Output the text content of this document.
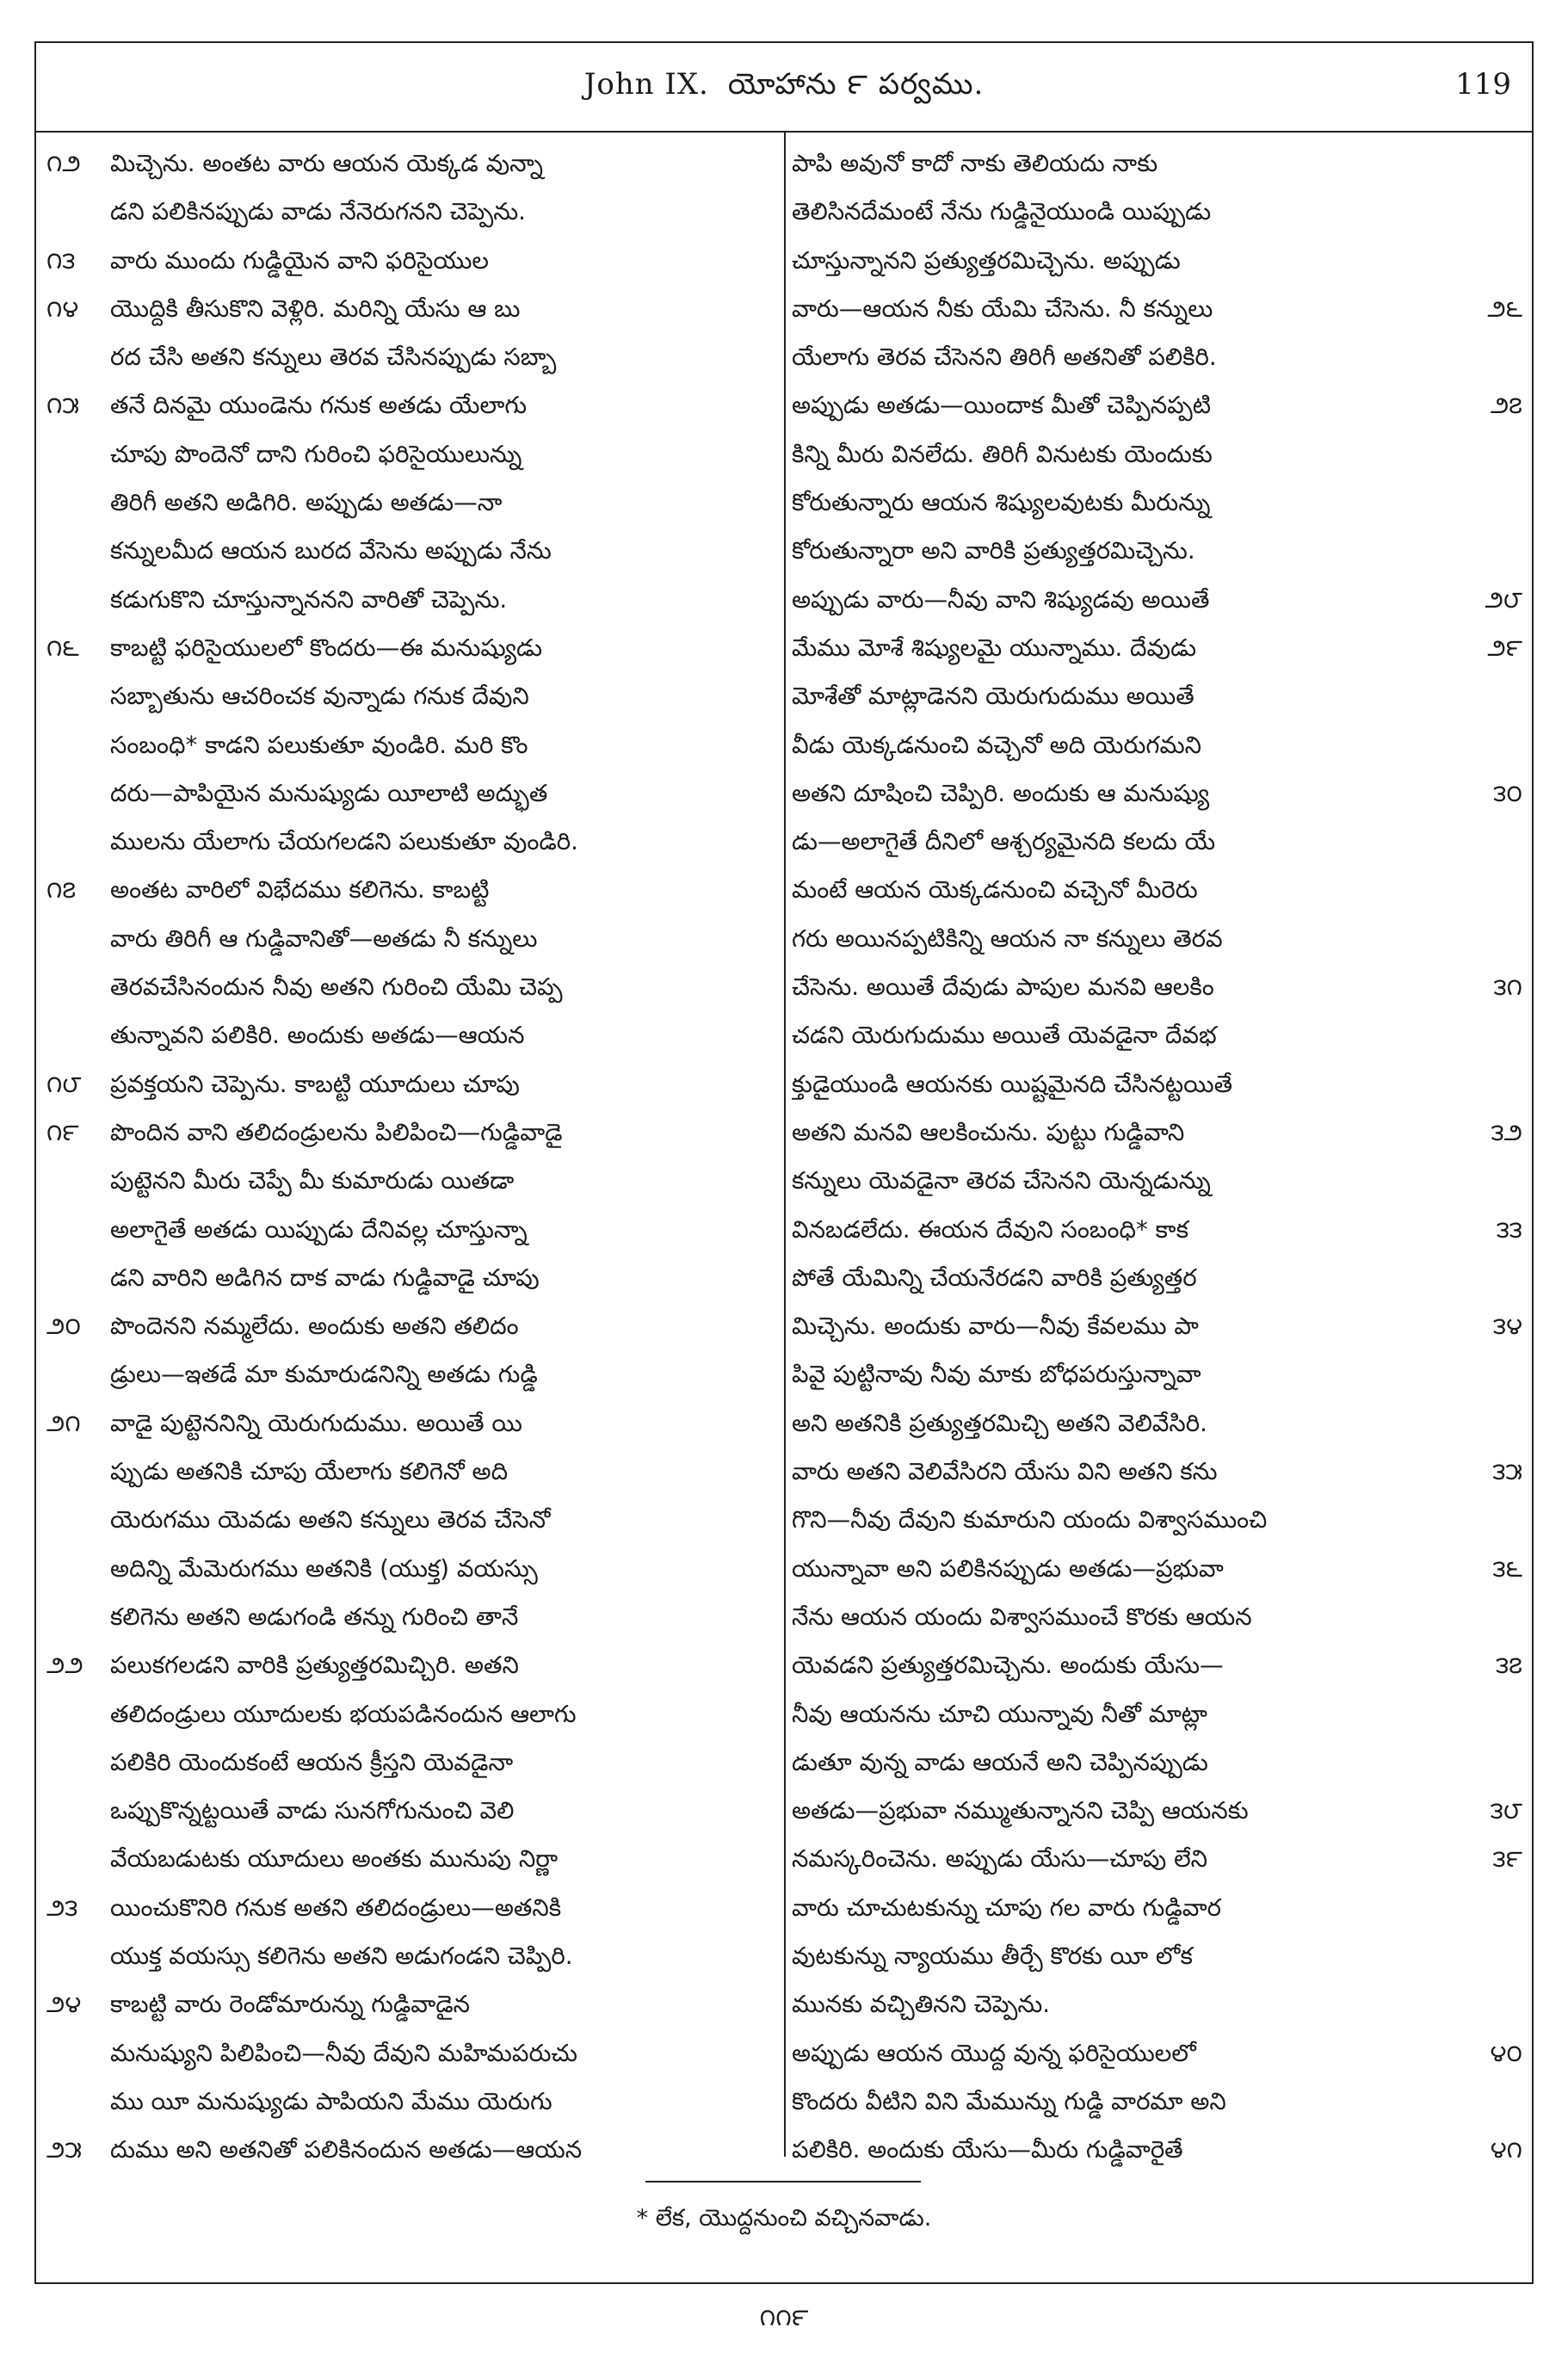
John IX. యోహాను ౯ పర్వము.	119
౧౨	మిచ్చెను. అంతట వారు ఆయన యెక్కడ వున్నా
డని పలికినప్పుడు వాడు నేనెరుగనని చెప్పెను.
౧౩	వారు ముందు గుడ్డియైన వాని ఫరిసైయుల
౧౪	యొద్దికి తీసుకొని వెళ్లిరి. మరిన్ని యేసు ఆ బు
రద చేసి అతని కన్నులు తెరవ చేసినప్పుడు సబ్బా
౧౫	తనే దినమై యుండెను గనుక అతడు యేలాగు
చూపు పొందెనో దాని గురించి ఫరిసైయులున్ను
తిరిగీ అతని అడిగిరి. అప్పుడు అతడు—నా
కన్నులమీద ఆయన బురద వేసెను అప్పుడు నేను
కడుగుకొని చూస్తున్నాననని వారితో చెప్పెను.
౧౬	కాబట్టి ఫరిసైయులలో కొందరు—ఈ మనుష్యుడు
సబ్బాతును ఆచరించక వున్నాడు గనుక దేవుని
సంబంధి* కాడని పలుకుతూ వుండిరి. మరి కొం
దరు—పాపియైన మనుష్యుడు యీలాటి అద్భుత
ములను యేలాగు చేయగలడని పలుకుతూ వుండిరి.
౧౭	అంతట వారిలో విభేదము కలిగెను. కాబట్టి
వారు తిరిగీ ఆ గుడ్డివానితో—అతడు నీ కన్నులు
తెరవచేసినందున నీవు అతని గురించి యేమి చెప్ప
తున్నావని పలికిరి. అందుకు అతడు—ఆయన
౧౮	ప్రవక్తయని చెప్పెను. కాబట్టి యూదులు చూపు
౧౯	పొందిన వాని తలిదండ్రులను పిలిపించి—గుడ్డివాడై
పుట్టెనని మీరు చెప్పే మీ కుమారుడు యితడా
అలాగైతే అతడు యిప్పుడు దేనివల్ల చూస్తున్నా
డని వారిని అడిగిన దాక వాడు గుడ్డివాడై చూపు
౨౦	పొందెనని నమ్మలేదు. అందుకు అతని తలిదం
డ్రులు—ఇతడే మా కుమారుడనిన్ని అతడు గుడ్డి
౨౧	వాడై పుట్టెననిన్ని యెరుగుదుము. అయితే యి
ప్పుడు అతనికి చూపు యేలాగు కలిగెనో అది
యెరుగము యెవడు అతని కన్నులు తెరవ చేసెనో
అదిన్ని మేమెరుగము అతనికి (యుక్త) వయస్సు
కలిగెను అతని అడుగండి తన్ను గురించి తానే
౨౨	పలుకగలడని వారికి ప్రత్యుత్తరమిచ్చిరి. అతని
తలిదండ్రులు యూదులకు భయపడినందున ఆలాగు
పలికిరి యెందుకంటే ఆయన క్రీస్తని యెవడైనా
ఒప్పుకొన్నట్టయితే వాడు సునగోగునుంచి వెలి
వేయబడుటకు యూదులు అంతకు మునుపు నిర్ణా
౨౩	యించుకొనిరి గనుక అతని తలిదండ్రులు—అతనికి
యుక్త వయస్సు కలిగెను అతని అడుగండని చెప్పిరి.
౨౪	కాబట్టి వారు రెండోమారున్ను గుడ్డివాడైన
మనుష్యుని పిలిపించి—నీవు దేవుని మహిమపరుచు
ము యీ మనుష్యుడు పాపియని మేము యెరుగు
౨౫	దుము అని అతనితో పలికినందున అతడు—ఆయన
పాపి అవునో కాదో నాకు తెలియదు నాకు
తెలిసినదేమంటే నేను గుడ్డినైయుండి యిప్పుడు
చూస్తున్నానని ప్రత్యుత్తరమిచ్చెను. అప్పుడు
వారు—ఆయన నీకు యేమి చేసెను. నీ కన్నులు	౨౬
యేలాగు తెరవ చేసెనని తిరిగీ అతనితో పలికిరి.
అప్పుడు అతడు—యిందాక మీతో చెప్పినప్పటి	౨౭
కిన్ని మీరు వినలేదు. తిరిగీ వినుటకు యెందుకు
కోరుతున్నారు ఆయన శిష్యులవుటకు మీరున్ను
కోరుతున్నారా అని వారికి ప్రత్యుత్తరమిచ్చెను.
అప్పుడు వారు—నీవు వాని శిష్యుడవు అయితే	౨౮
మేము మోశే శిష్యులమై యున్నాము. దేవుడు	౨౯
మోశేతో మాట్లాడెనని యెరుగుదుము అయితే
వీడు యెక్కడనుంచి వచ్చెనో అది యెరుగమని
అతని దూషించి చెప్పిరి. అందుకు ఆ మనుష్యు	౩౦
డు—అలాగైతే దీనిలో ఆశ్చర్యమైనది కలదు యే
మంటే ఆయన యెక్కడనుంచి వచ్చెనో మీరెరు
గరు అయినప్పటికిన్ని ఆయన నా కన్నులు తెరవ
చేసెను. అయితే దేవుడు పాపుల మనవి ఆలకిం	౩౧
చడని యెరుగుదుము అయితే యెవడైనా దేవభ
క్తుడైయుండి ఆయనకు యిష్టమైనది చేసినట్టయితే
అతని మనవి ఆలకించును. పుట్టు గుడ్డివాని	౩౨
కన్నులు యెవడైనా తెరవ చేసెనని యెన్నడున్ను
వినబడలేదు. ఈయన దేవుని సంబంధి* కాక	౩౩
పోతే యేమిన్ని చేయనేరడని వారికి ప్రత్యుత్తర
మిచ్చెను. అందుకు వారు—నీవు కేవలము పా	౩౪
పివై పుట్టినావు నీవు మాకు బోధపరుస్తున్నావా
అని అతనికి ప్రత్యుత్తరమిచ్చి అతని వెలివేసిరి.
వారు అతని వెలివేసిరని యేసు విని అతని కను	౩౫
గొని—నీవు దేవుని కుమారుని యందు విశ్వాసముంచి
యున్నావా అని పలికినప్పుడు అతడు—ప్రభువా	౩౬
నేను ఆయన యందు విశ్వాసముంచే కొరకు ఆయన
యెవడని ప్రత్యుత్తరమిచ్చెను. అందుకు యేసు—	౩౭
నీవు ఆయనను చూచి యున్నావు నీతో మాట్లా
డుతూ వున్న వాడు ఆయనే అని చెప్పినప్పుడు
అతడు—ప్రభువా నమ్ముతున్నానని చెప్పి ఆయనకు	౩౮
నమస్కరించెను. అప్పుడు యేసు—చూపు లేని	౩౯
వారు చూచుటకున్ను చూపు గల వారు గుడ్డివార
వుటకున్ను న్యాయము తీర్చే కొరకు యీ లోక
మునకు వచ్చితినని చెప్పెను.
అప్పుడు ఆయన యొద్ద వున్న ఫరిసైయులలో	౪౦
కొందరు వీటిని విని మేమున్ను గుడ్డి వారమా అని
పలికిరి. అందుకు యేసు—మీరు గుడ్డివారైతే	౪౧
* లేక, యొద్దనుంచి వచ్చినవాడు.
౧౧౯
